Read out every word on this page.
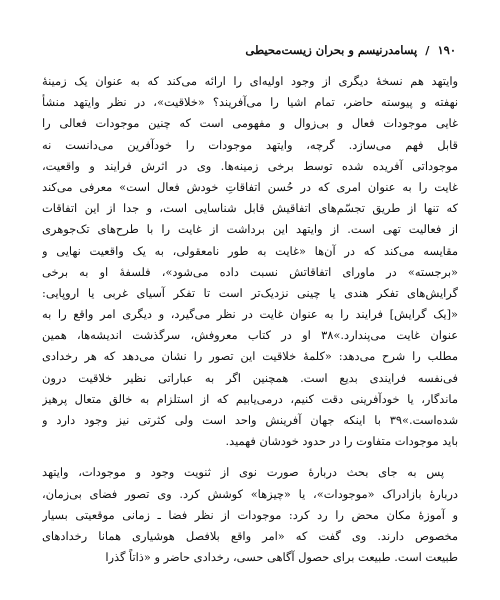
۱۹۰ / پسامدرنیسم و بحران زیست‌محیطی
وایتهد هم نسخهٔ دیگری از وجود اولیه‌ای را ارائه می‌کند که به عنوان یک زمینهٔ
نهفته و پیوسته حاضر، تمام اشیا را می‌آفریند؟ «خلاقیت»، در نظر وایتهد منشأ
غایی موجودات فعال و بی‌زوال و مفهومی است که چنین موجودات فعالی را
قابل فهم می‌سازد. گرچه، وایتهد موجودات را خودآفرین می‌دانست نه
موجوداتی آفریده شده توسط برخی زمینه‌ها. وی در اثرش فرایند و واقعیت،
غایت را به عنوان امری که در حُسن اتفاقاتِ خودش فعال است» معرفی می‌کند
که تنها از طریق تجسّم‌های اتفاقیش قابل شناسایی است، و جدا از این اتفاقات
از فعالیت تهی است. از وایتهد این برداشت از غایت را با طرح‌های تک‌جوهری
مقایسه می‌کند که در آن‌ها «غایت به طور نامعقولی، به یک واقعیت نهایی و
«برجسته» در ماورای اتفاقاتش نسبت داده می‌شود»، فلسفهٔ او به برخی
گرایش‌های تفکر هندی یا چینی نزدیک‌تر است تا تفکر آسیای غربی یا اروپایی:
«[یک گرایش] فرایند را به عنوان غایت در نظر می‌گیرد، و دیگری امر واقع را به
عنوان غایت می‌پندارد.»۳۸ او در کتاب معروفش، سرگذشت اندیشه‌ها، همین
مطلب را شرح می‌دهد: «کلمهٔ خلاقیت این تصور را نشان می‌دهد که هر رخدادی
فی‌نفسه فرایندی بدیع است. همچنین اگر به عباراتی نظیر خلاقیت درون
ماندگار، یا خودآفرینی دقت کنیم، درمی‌یابیم که از استلزام به خالق متعال پرهیز
شده‌است.»۳۹ با اینکه جهان آفرینش واحد است ولی کثرتی نیز وجود دارد و
باید موجودات متفاوت را در حدود خودشان فهمید.
پس به جای بحث دربارهٔ صورت نوی از ثنویت وجود و موجودات، وایتهد
دربارهٔ بازادراک «موجودات»، یا «چیزها» کوشش کرد. وی تصور فضای بی‌زمان،
و آموزهٔ مکان محض را رد کرد: موجودات از نظر فضا ـ زمانی موقعیتی بسیار
مخصوص دارند. وی گفت که «امر واقع بلافصل هوشیاری همانا رخدادهای
طبیعت است. طبیعت برای حصول آگاهی حسی، رخدادی حاضر و «ذاتاً گذرا
